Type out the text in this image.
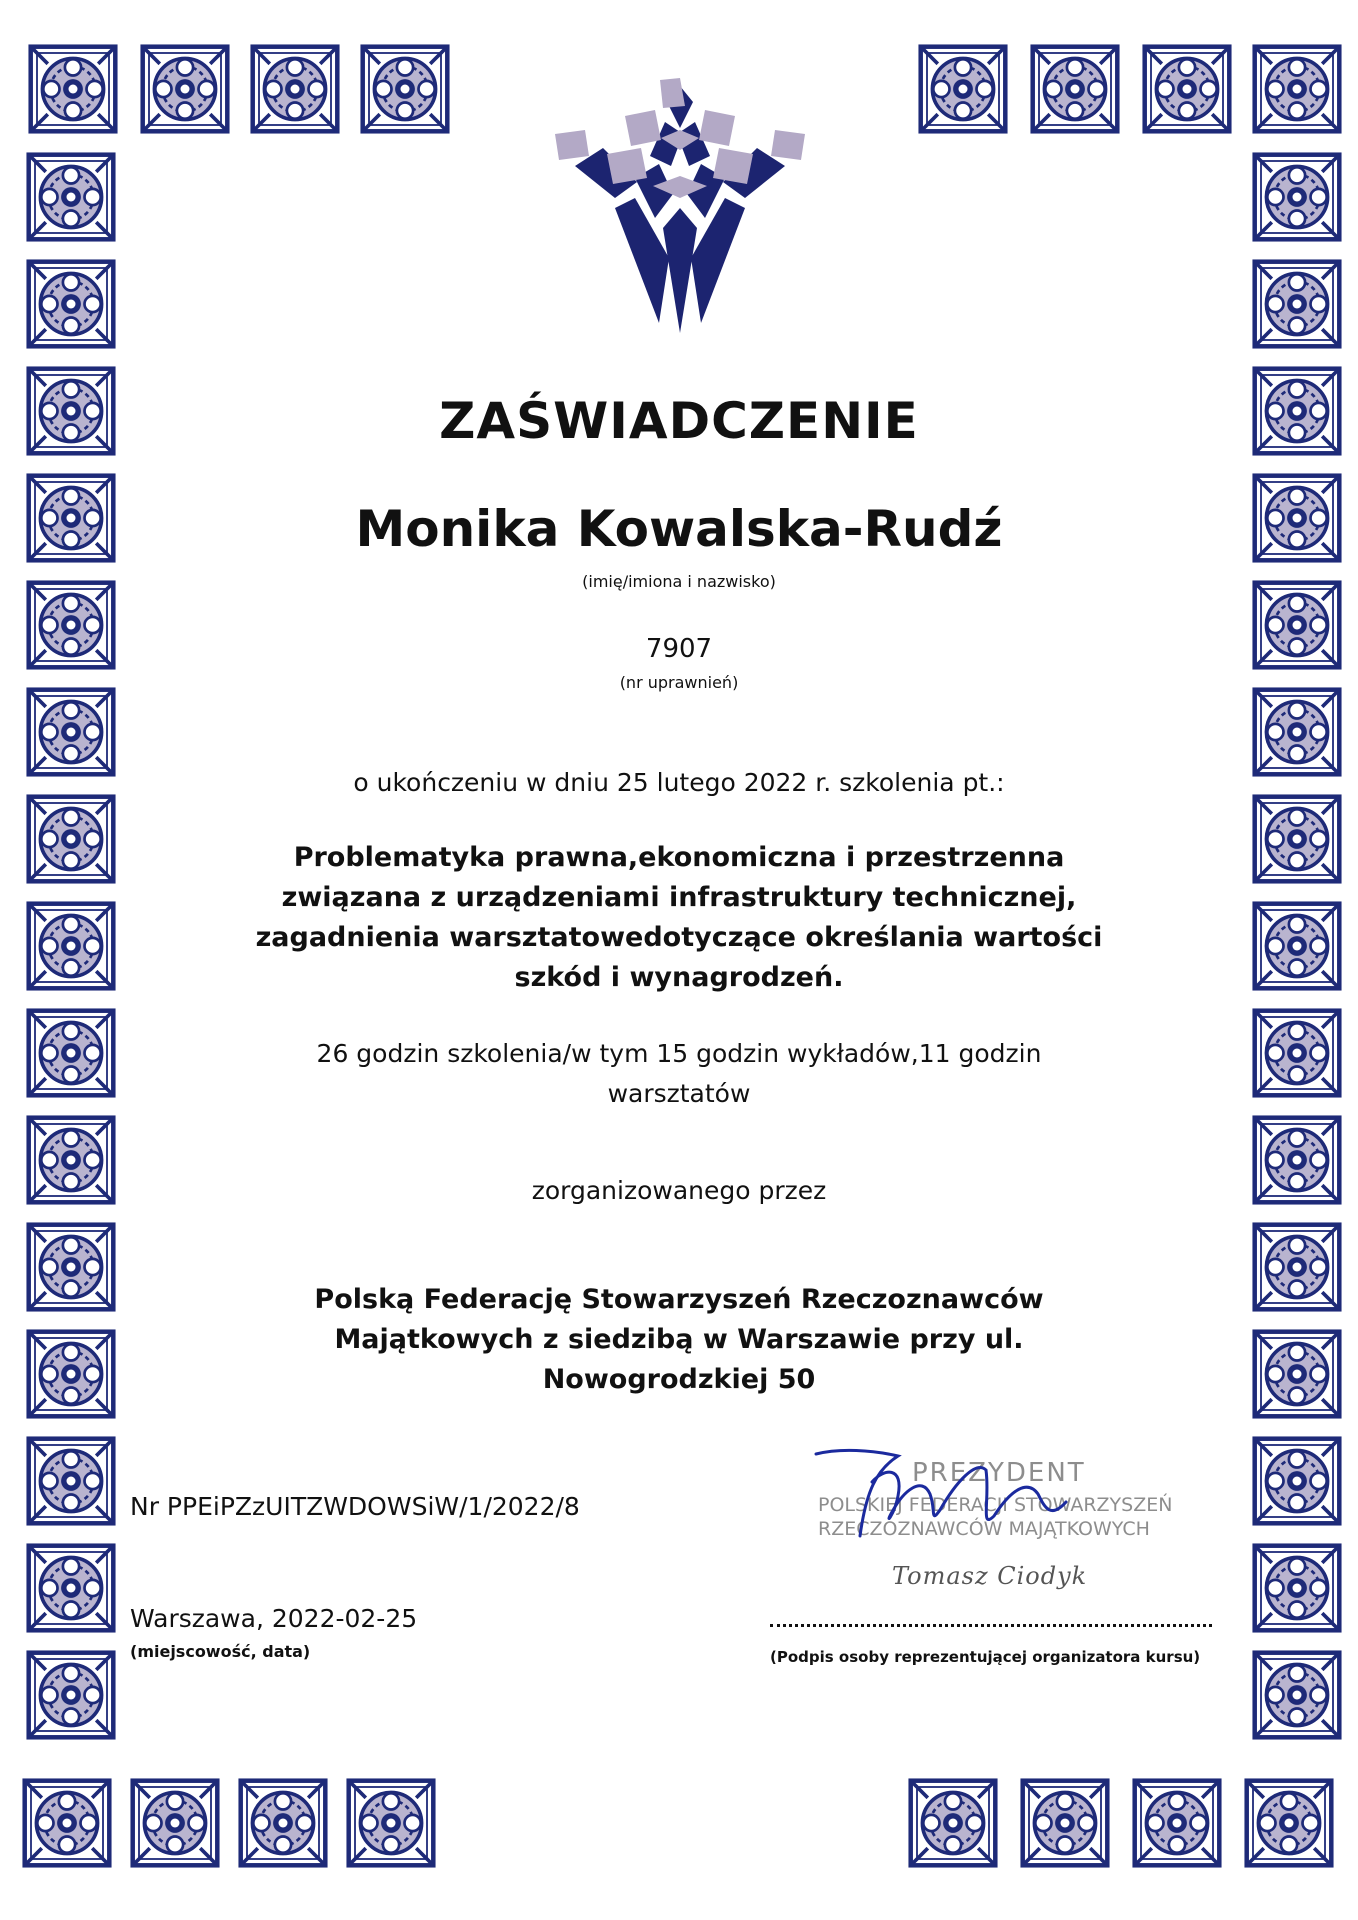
ZAŚWIADCZENIE
Monika Kowalska-Rudź
(imię/imiona i nazwisko)
7907
(nr uprawnień)
o ukończeniu w dniu 25 lutego 2022 r. szkolenia pt.:
Problematyka prawna,ekonomiczna i przestrzenna
związana z urządzeniami infrastruktury technicznej,
zagadnienia warsztatowedotyczące określania wartości
szkód i wynagrodzeń.
26 godzin szkolenia/w tym 15 godzin wykładów,11 godzin
warsztatów
zorganizowanego przez
Polską Federację Stowarzyszeń Rzeczoznawców
Majątkowych z siedzibą w Warszawie przy ul.
Nowogrodzkiej 50
Nr PPEiPZzUITZWDOWSiW/1/2022/8
Warszawa, 2022-02-25
(miejscowość, data)
PREZYDENT
POLSKIEJ FEDERACJI STOWARZYSZEŃ
RZECZOZNAWCÓW MAJĄTKOWYCH
Tomasz Ciodyk
(Podpis osoby reprezentującej organizatora kursu)
